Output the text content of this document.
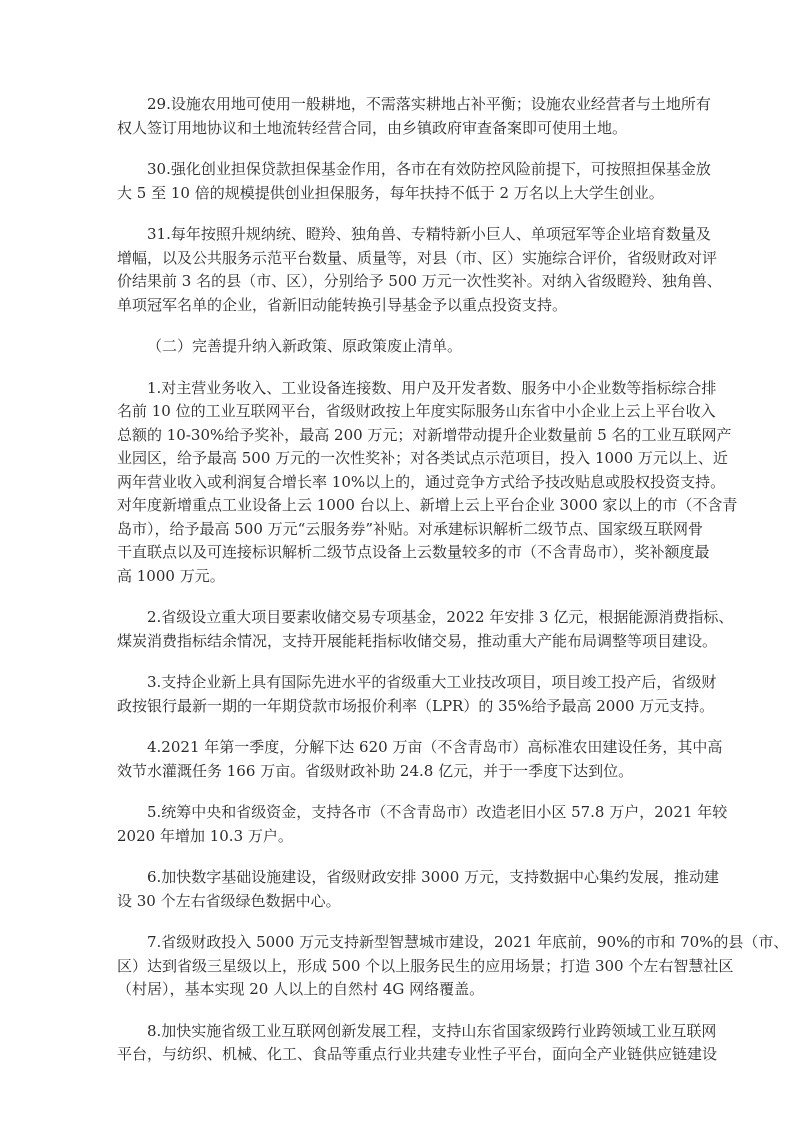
29.设施农用地可使用一般耕地，不需落实耕地占补平衡；设施农业经营者与土地所有
权人签订用地协议和土地流转经营合同，由乡镇政府审查备案即可使用土地。
30.强化创业担保贷款担保基金作用，各市在有效防控风险前提下，可按照担保基金放
大 5 至 10 倍的规模提供创业担保服务，每年扶持不低于 2 万名以上大学生创业。
31.每年按照升规纳统、瞪羚、独角兽、专精特新小巨人、单项冠军等企业培育数量及
增幅，以及公共服务示范平台数量、质量等，对县（市、区）实施综合评价，省级财政对评
价结果前 3 名的县（市、区），分别给予 500 万元一次性奖补。对纳入省级瞪羚、独角兽、
单项冠军名单的企业，省新旧动能转换引导基金予以重点投资支持。
（二）完善提升纳入新政策、原政策废止清单。
1.对主营业务收入、工业设备连接数、用户及开发者数、服务中小企业数等指标综合排
名前 10 位的工业互联网平台，省级财政按上年度实际服务山东省中小企业上云上平台收入
总额的 10-30%给予奖补，最高 200 万元；对新增带动提升企业数量前 5 名的工业互联网产
业园区，给予最高 500 万元的一次性奖补；对各类试点示范项目，投入 1000 万元以上、近
两年营业收入或利润复合增长率 10%以上的，通过竞争方式给予技改贴息或股权投资支持。
对年度新增重点工业设备上云 1000 台以上、新增上云上平台企业 3000 家以上的市（不含青
岛市），给予最高 500 万元“云服务券”补贴。对承建标识解析二级节点、国家级互联网骨
干直联点以及可连接标识解析二级节点设备上云数量较多的市（不含青岛市），奖补额度最
高 1000 万元。
2.省级设立重大项目要素收储交易专项基金，2022 年安排 3 亿元，根据能源消费指标、
煤炭消费指标结余情况，支持开展能耗指标收储交易，推动重大产能布局调整等项目建设。
3.支持企业新上具有国际先进水平的省级重大工业技改项目，项目竣工投产后，省级财
政按银行最新一期的一年期贷款市场报价利率（LPR）的 35%给予最高 2000 万元支持。
4.2021 年第一季度，分解下达 620 万亩（不含青岛市）高标准农田建设任务，其中高
效节水灌溉任务 166 万亩。省级财政补助 24.8 亿元，并于一季度下达到位。
5.统筹中央和省级资金，支持各市（不含青岛市）改造老旧小区 57.8 万户，2021 年较
2020 年增加 10.3 万户。
6.加快数字基础设施建设，省级财政安排 3000 万元，支持数据中心集约发展，推动建
设 30 个左右省级绿色数据中心。
7.省级财政投入 5000 万元支持新型智慧城市建设，2021 年底前，90%的市和 70%的县（市、
区）达到省级三星级以上，形成 500 个以上服务民生的应用场景；打造 300 个左右智慧社区
（村居），基本实现 20 人以上的自然村 4G 网络覆盖。
8.加快实施省级工业互联网创新发展工程，支持山东省国家级跨行业跨领域工业互联网
平台，与纺织、机械、化工、食品等重点行业共建专业性子平台，面向全产业链供应链建设
